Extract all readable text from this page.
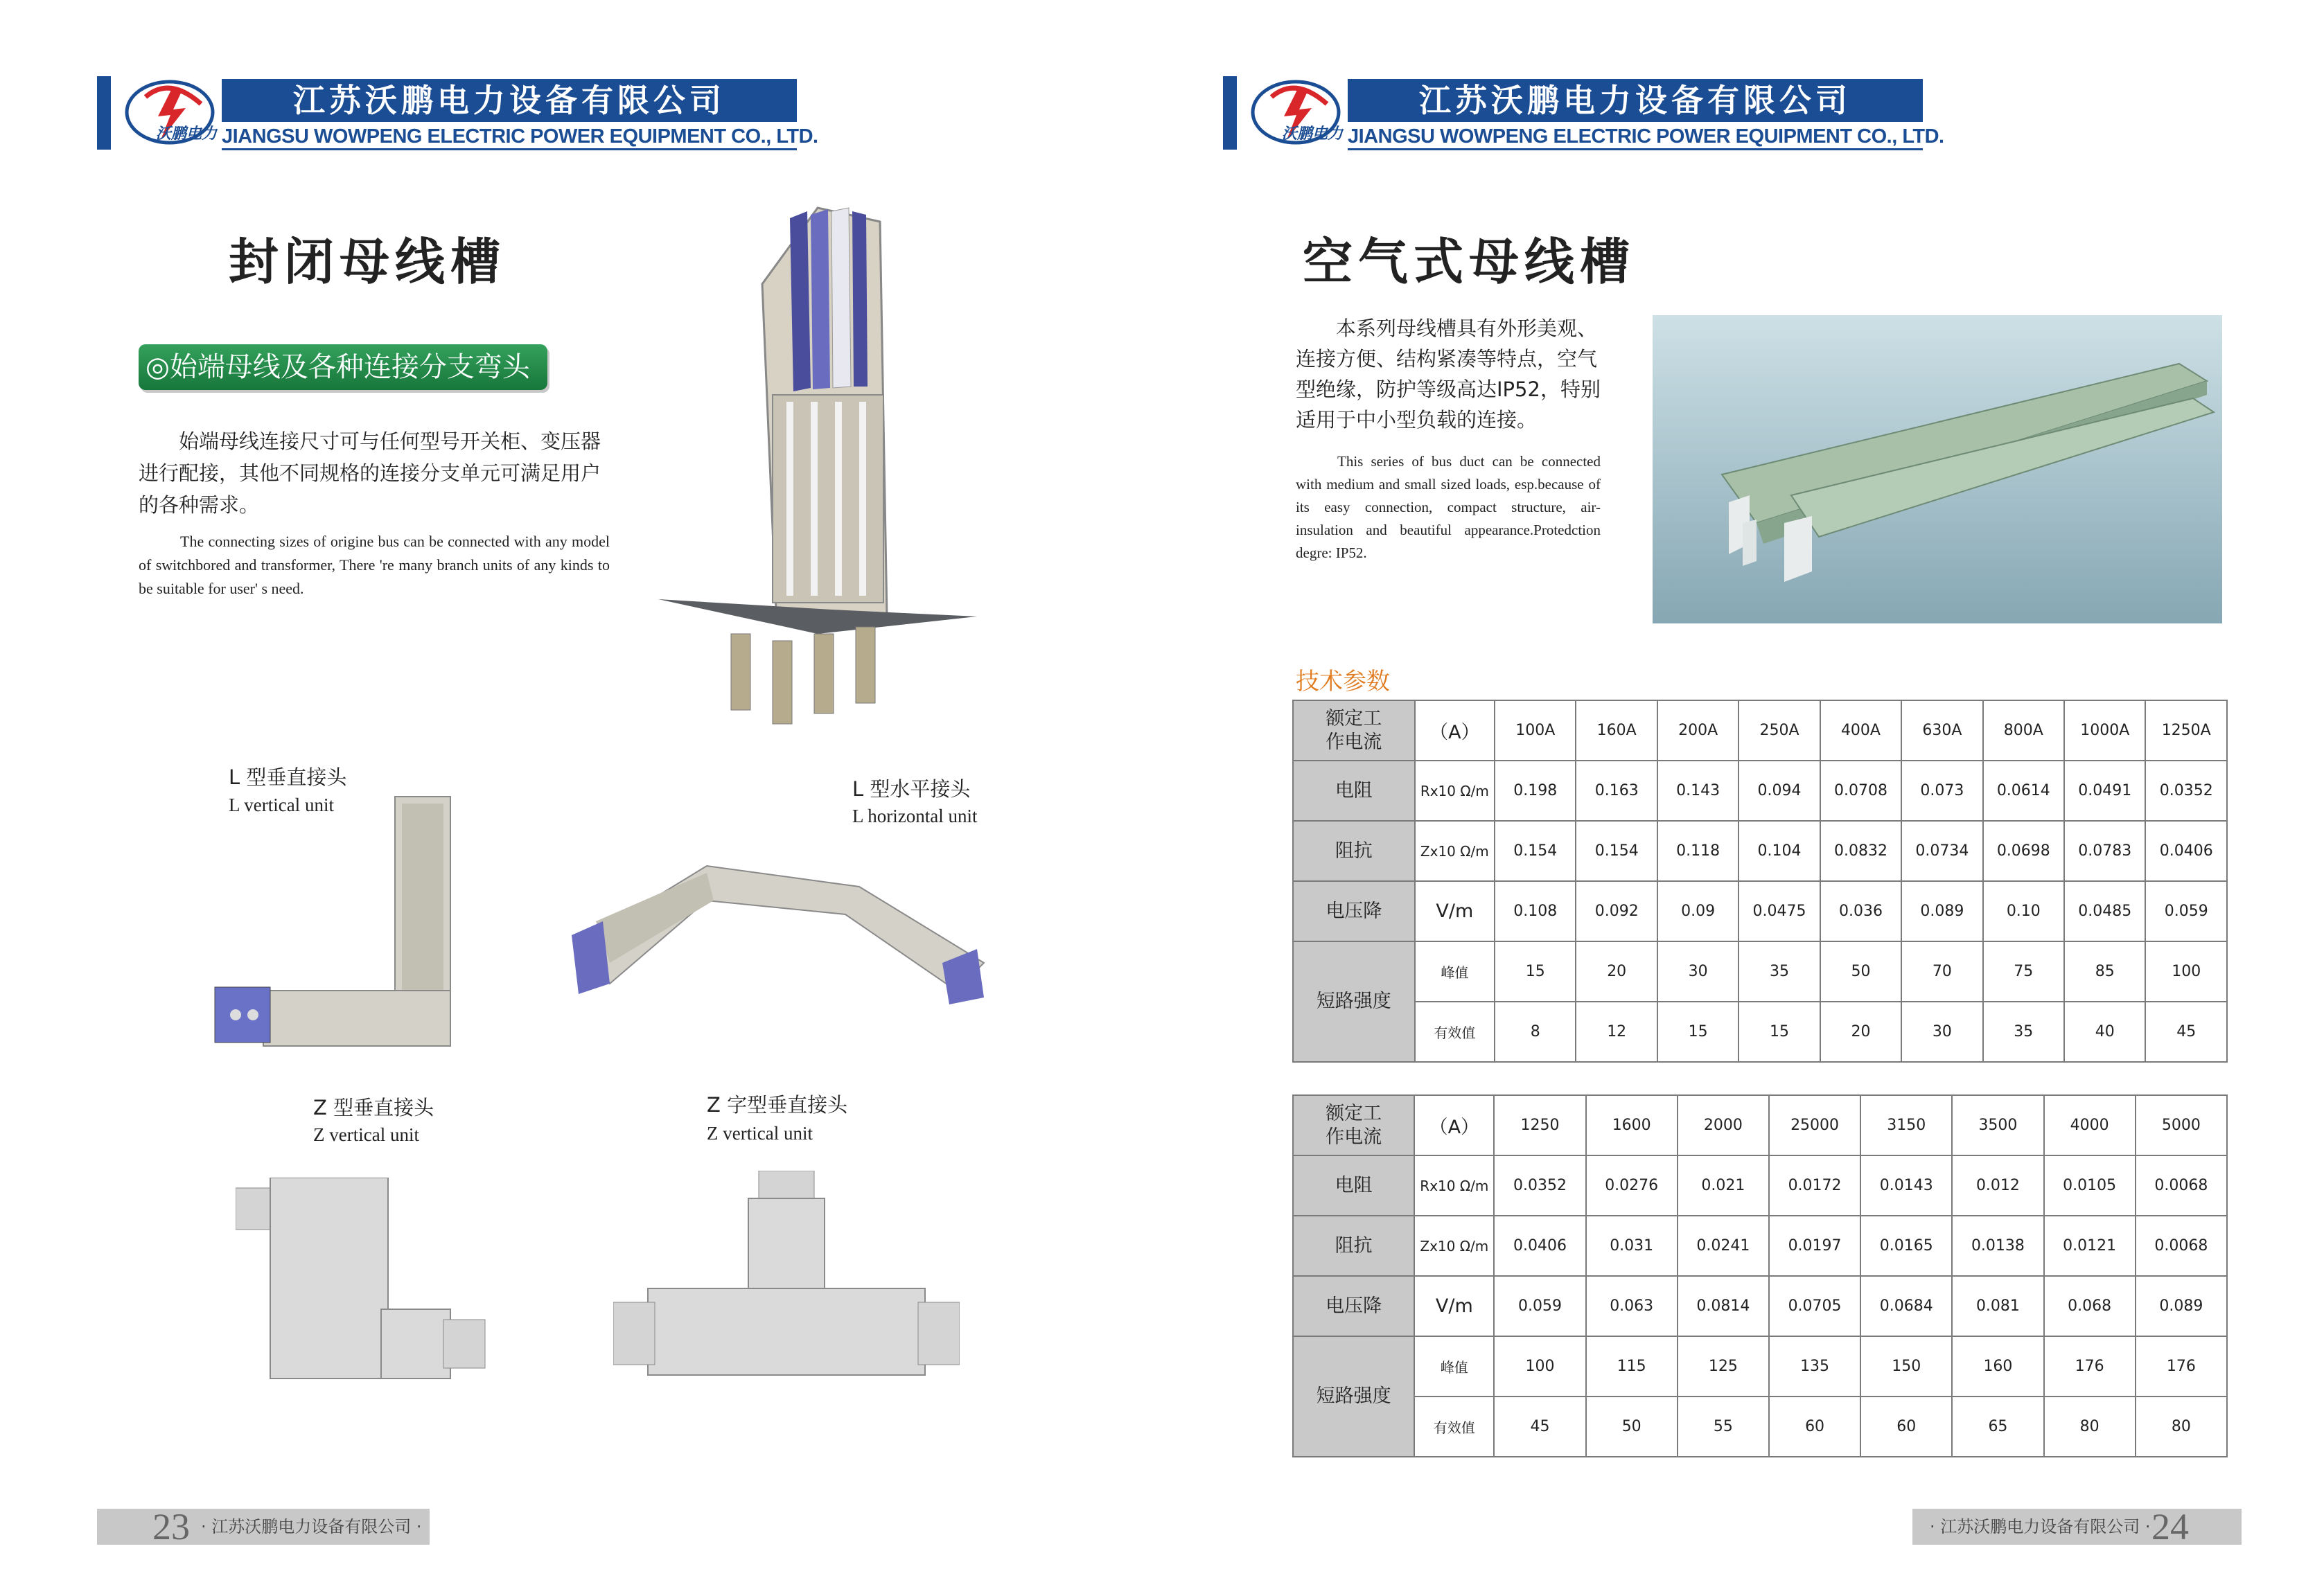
沃鹏电力
江苏沃鹏电力设备有限公司
JIANGSU WOWPENG ELECTRIC POWER EQUIPMENT CO., LTD.
封闭母线槽
◎始端母线及各种连接分支弯头
始端母线连接尺寸可与任何型号开关柜、变压器进行配接，其他不同规格的连接分支单元可满足用户的各种需求。
The connecting sizes of origine bus can be connected with any model of switchbored and transformer, There 're many branch units of any kinds to be suitable for user' s need.
L 型垂直接头
L vertical unit
L 型水平接头
L horizontal unit
Z 型垂直接头
Z vertical unit
Z 字型垂直接头
Z vertical unit
23 · 江苏沃鹏电力设备有限公司 ·
沃鹏电力
江苏沃鹏电力设备有限公司
JIANGSU WOWPENG ELECTRIC POWER EQUIPMENT CO., LTD.
空气式母线槽
本系列母线槽具有外形美观、连接方便、结构紧凑等特点，空气型绝缘，防护等级高达IP52，特别适用于中小型负载的连接。
This series of bus duct can be connected with medium and small sized loads, esp.because of its easy connection, compact structure, air-insulation and beautiful appearance.Protedction degre: IP52.
技术参数
额定工作电流	（A）	100A	160A	200A	250A	400A	630A	800A	1000A	1250A
电阻	Rx10 Ω/m	0.198	0.163	0.143	0.094	0.0708	0.073	0.0614	0.0491	0.0352
阻抗	Zx10 Ω/m	0.154	0.154	0.118	0.104	0.0832	0.0734	0.0698	0.0783	0.0406
电压降	V/m	0.108	0.092	0.09	0.0475	0.036	0.089	0.10	0.0485	0.059
短路强度	峰值	15	20	30	35	50	70	75	85	100
	有效值	8	12	15	15	20	30	35	40	45
额定工作电流	（A）	1250	1600	2000	25000	3150	3500	4000	5000
电阻	Rx10 Ω/m	0.0352	0.0276	0.021	0.0172	0.0143	0.012	0.0105	0.0068
阻抗	Zx10 Ω/m	0.0406	0.031	0.0241	0.0197	0.0165	0.0138	0.0121	0.0068
电压降	V/m	0.059	0.063	0.0814	0.0705	0.0684	0.081	0.068	0.089
短路强度	峰值	100	115	125	135	150	160	176	176
	有效值	45	50	55	60	60	65	80	80
· 江苏沃鹏电力设备有限公司 · 24
